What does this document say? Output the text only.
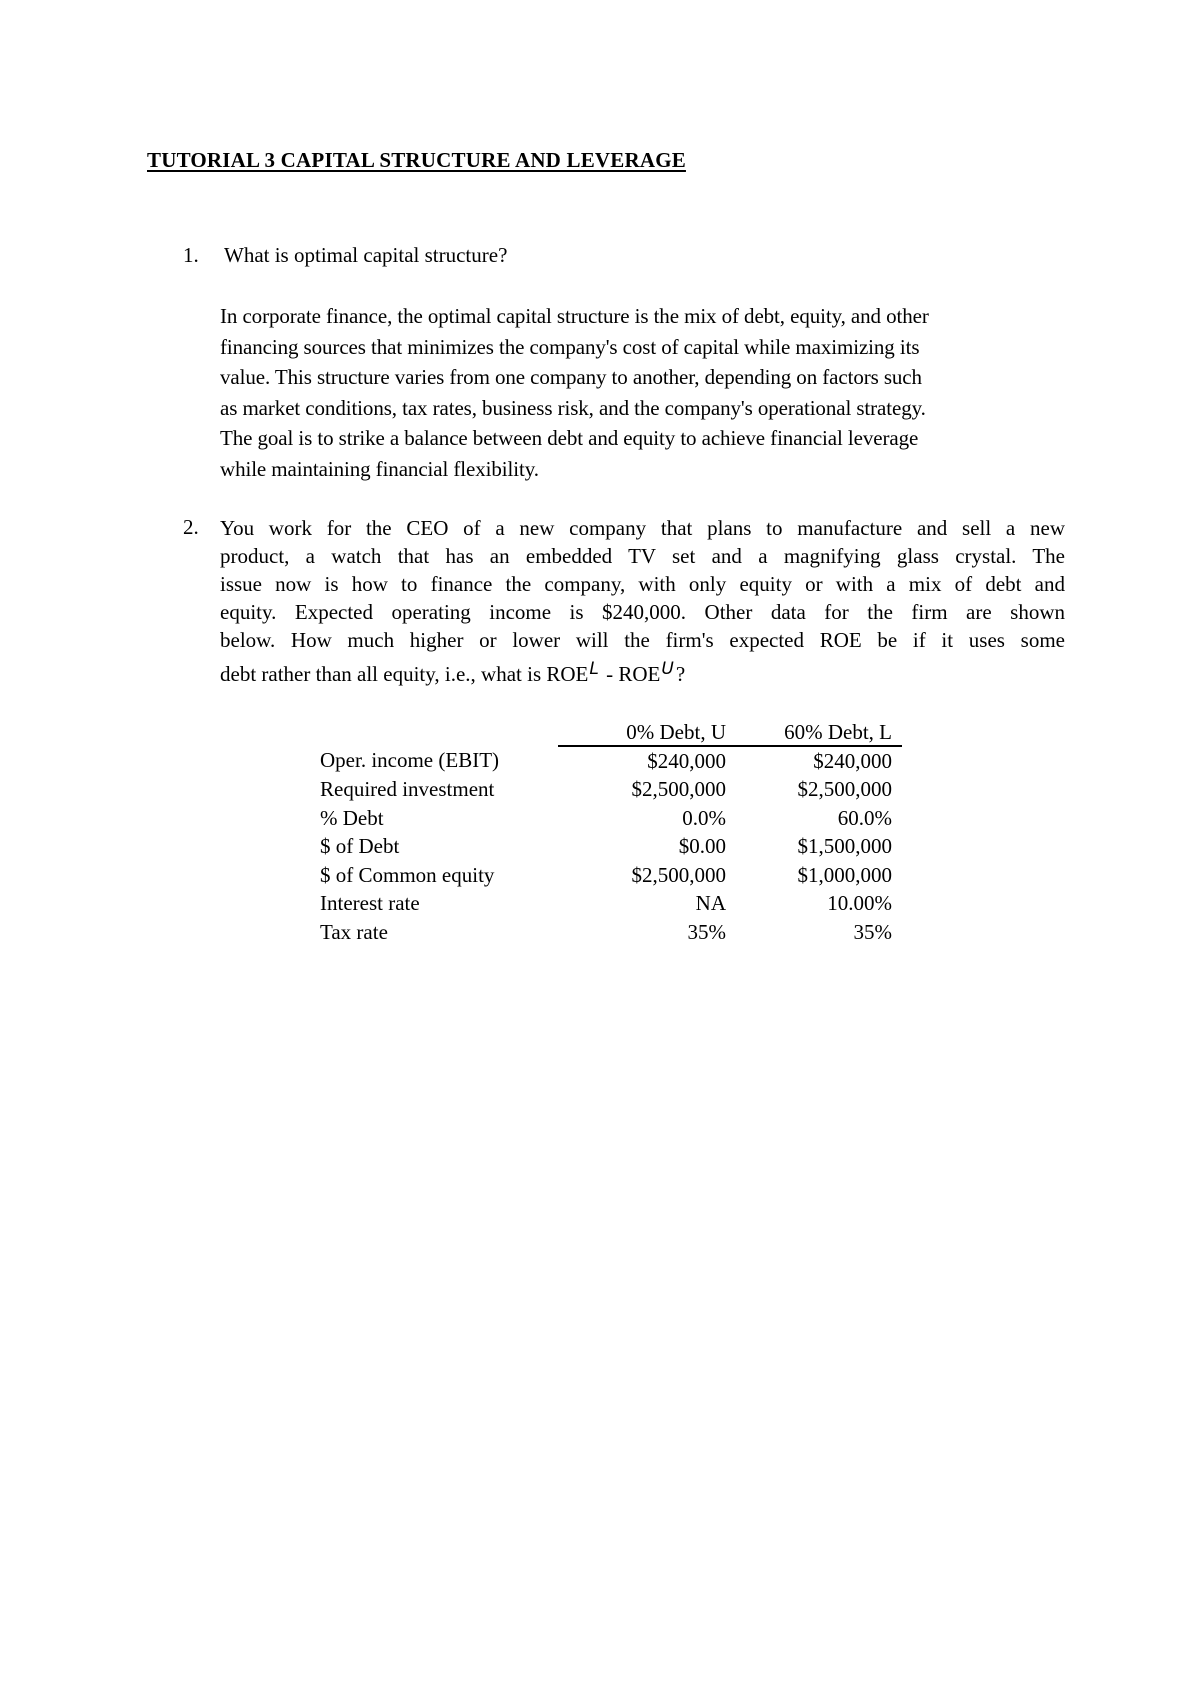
TUTORIAL 3 CAPITAL STRUCTURE AND LEVERAGE
1. What is optimal capital structure?
In corporate finance, the optimal capital structure is the mix of debt, equity, and other
financing sources that minimizes the company's cost of capital while maximizing its
value. This structure varies from one company to another, depending on factors such
as market conditions, tax rates, business risk, and the company's operational strategy.
The goal is to strike a balance between debt and equity to achieve financial leverage
while maintaining financial flexibility.
2. You work for the CEO of a new company that plans to manufacture and sell a new
product, a watch that has an embedded TV set and a magnifying glass crystal. The
issue now is how to finance the company, with only equity or with a mix of debt and
equity. Expected operating income is $240,000. Other data for the firm are shown
below. How much higher or lower will the firm's expected ROE be if it uses some
debt rather than all equity, i.e., what is $ROE^L - ROE^U$?
	0% Debt, U	60% Debt, L
Oper. income (EBIT)	$240,000	$240,000
Required investment	$2,500,000	$2,500,000
% Debt	0.0%	60.0%
$ of Debt	$0.00	$1,500,000
$ of Common equity	$2,500,000	$1,000,000
Interest rate	NA	10.00%
Tax rate	35%	35%
